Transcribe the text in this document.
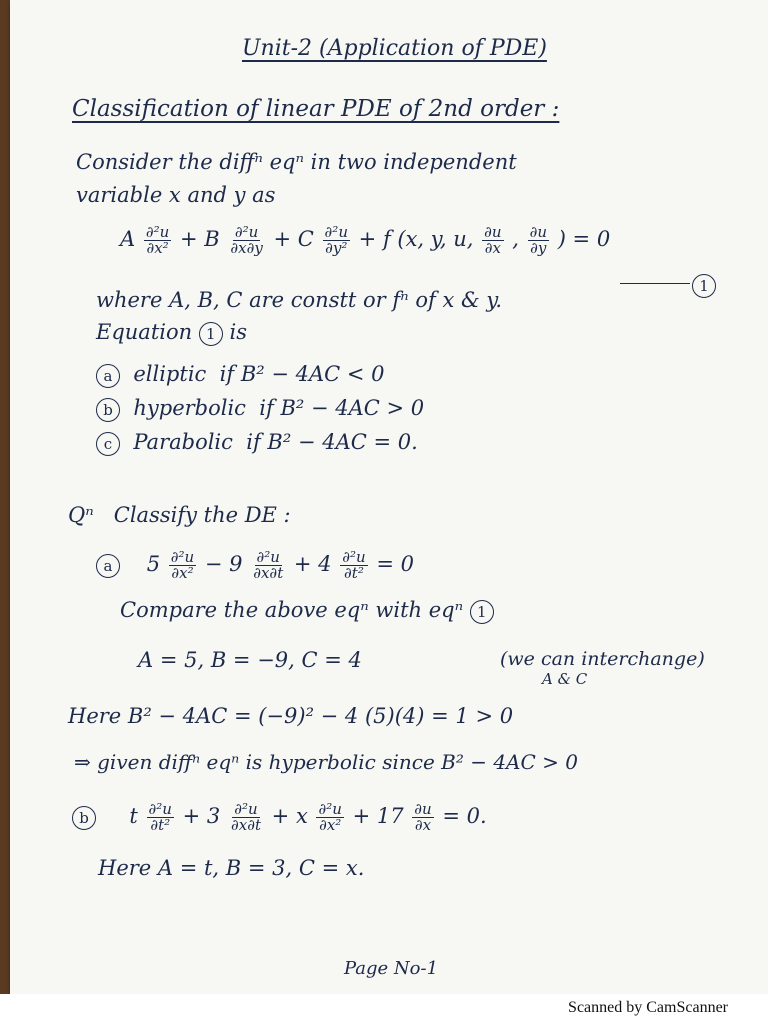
Unit-2 (Application of PDE)
Classification of linear PDE of 2nd order :
Consider the diffⁿ eqⁿ in two independent
variable x and y as
A $\frac{\text{∂²u}}{\text{∂x²}} + B \frac{\text{∂²u}}{\partial x\partial y} + C \frac{\text{∂²u}}{\text{∂y²}} + f$ (x, y, u, $\frac{\partial u}{\partial x}$ , $\frac{\partial u}{\partial y}$ ) = 0
1
where A, B, C are constt or fⁿ of x & y.
Equation 1 is
a elliptic if B² − 4AC < 0
b hyperbolic if B² − 4AC > 0
c Parabolic if B² − 4AC = 0.
Qⁿ Classify the DE :
a $5 \frac{\text{∂²u}}{\text{∂x²}} - 9 \frac{\text{∂²u}}{\partial x\partial t} + 4 \frac{\text{∂²u}}{\text{∂t²}} = 0$
Compare the above eqⁿ with eqⁿ 1
A = 5, B = −9, C = 4	(we can interchange)
A & C
Here B² − 4AC = (−9)² − 4 (5)(4) = 1 > 0
⇒ given diffⁿ eqⁿ is hyperbolic since B² − 4AC > 0
b t $\frac{\text{∂²u}}{\text{∂t²}} + 3 \frac{\text{∂²u}}{\partial x\partial t} + x \frac{\text{∂²u}}{\text{∂x²}} + 17 \frac{\partial u}{\partial x} = 0$.
Here A = t, B = 3, C = x.
Page No-1
Scanned by CamScanner
